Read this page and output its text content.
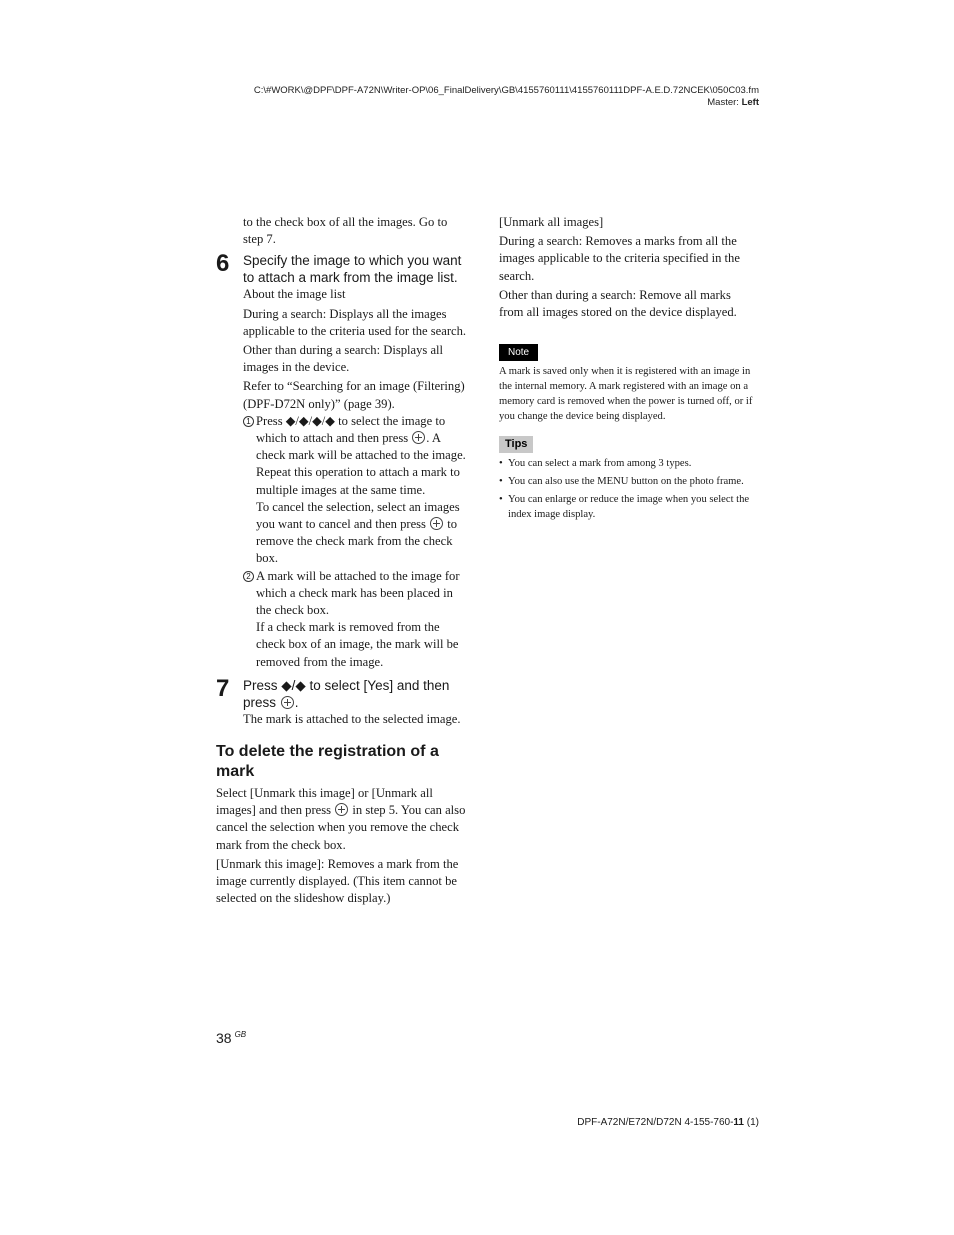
C:\#WORK\@DPF\DPF-A72N\Writer-OP\06_FinalDelivery\GB\4155760111\4155760111DPF-A.E.D.72NCEK\050C03.fm
Master: Left

to the check box of all the images. Go to step 7.

6 Specify the image to which you want to attach a mark from the image list.

About the image list

During a search: Displays all the images applicable to the criteria used for the search.

Other than during a search: Displays all images in the device.

Refer to “Searching for an image (Filtering) (DPF-D72N only)” (page 39).

1 Press ◆/◆/◆/◆ to select the image to which to attach and then press . A check mark will be attached to the image. Repeat this operation to attach a mark to multiple images at the same time.

To cancel the selection, select an images you want to cancel and then press to remove the check mark from the check box.

2 A mark will be attached to the image for which a check mark has been placed in the check box.

If a check mark is removed from the check box of an image, the mark will be removed from the image.

7 Press ◆/◆ to select [Yes] and then press .

The mark is attached to the selected image.

To delete the registration of a mark

Select [Unmark this image] or [Unmark all images] and then press in step 5. You can also cancel the selection when you remove the check mark from the check box.

[Unmark this image]: Removes a mark from the image currently displayed. (This item cannot be selected on the slideshow display.)

[Unmark all images]

During a search: Removes a marks from all the images applicable to the criteria specified in the search.

Other than during a search: Remove all marks from all images stored on the device displayed.

Note

A mark is saved only when it is registered with an image in the internal memory. A mark registered with an image on a memory card is removed when the power is turned off, or if you change the device being displayed.

Tips

• You can select a mark from among 3 types.

• You can also use the MENU button on the photo frame.

• You can enlarge or reduce the image when you select the index image display.

38 $^{GB}$
DPF-A72N/E72N/D72N 4-155-760-11 (1)
